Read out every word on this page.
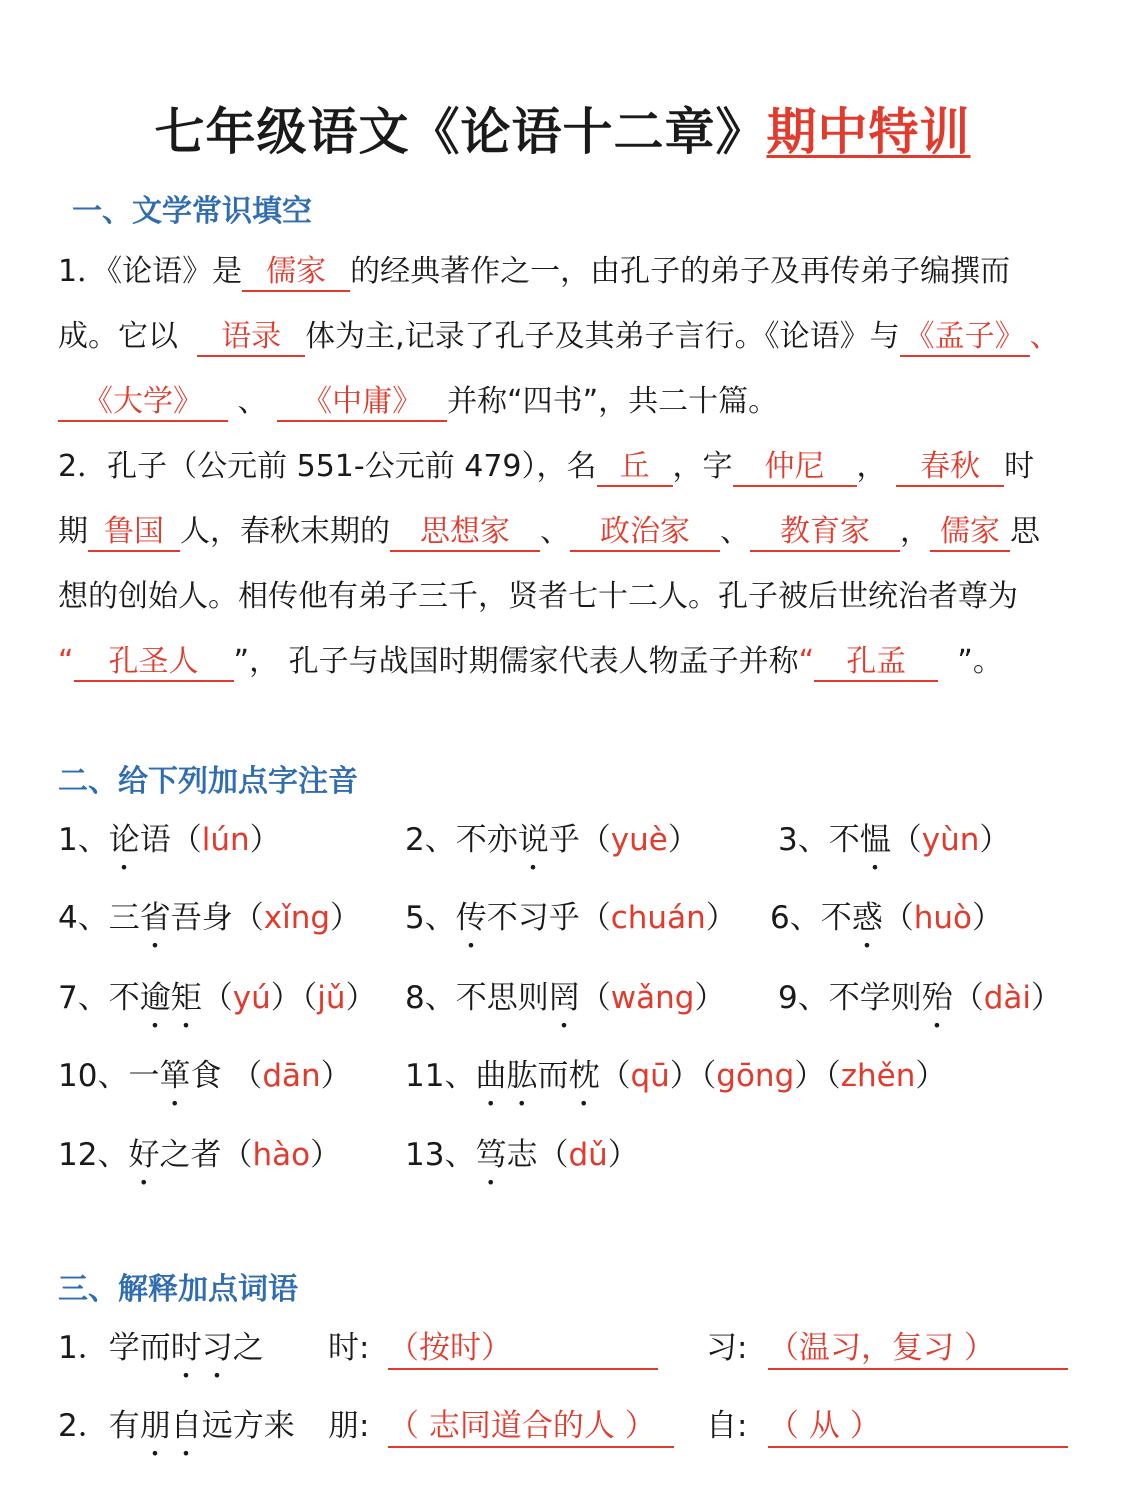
七年级语文《论语十二章》期中特训
一、文学常识填空
1．《论语》是 儒家 的经典著作之一，由孔子的弟子及再传弟子编撰而
成。它以 语录 体为主,记录了孔子及其弟子言行。《论语》与 《孟子》 、
《大学》 、 《中庸》 并称“四书”，共二十篇。
2．孔子（公元前 551-公元前 479），名 丘 ，字 仲尼 ， 春秋 时
期 鲁国 人，春秋末期的 思想家 、 政治家 、 教育家 ， 儒家 思
想的创始人。相传他有弟子三千，贤者七十二人。孔子被后世统治者尊为
“ 孔圣人 ”， 孔子与战国时期儒家代表人物孟子并称“ 孔孟 ”。
二、给下列加点字注音
1、论语（lún）	2、不亦说乎（yuè）	3、不愠（yùn）
4、三省吾身（xǐng） 5、传不习乎（chuán） 6、不惑（huò）
7、不逾矩（yú）（jǔ） 8、不思则罔（wǎng） 9、不学则殆（dài）
10、一箪食 （dān） 11、曲肱而枕（qū）（gōng）（zhěn）
12、好之者（hào） 13、笃志（dǔ）
三、解释加点词语
1．学而时习之 时: （按时）	习: （温习，复习 ）
2．有朋自远方来 朋: （ 志同道合的人 ）	自: （ 从 ）
